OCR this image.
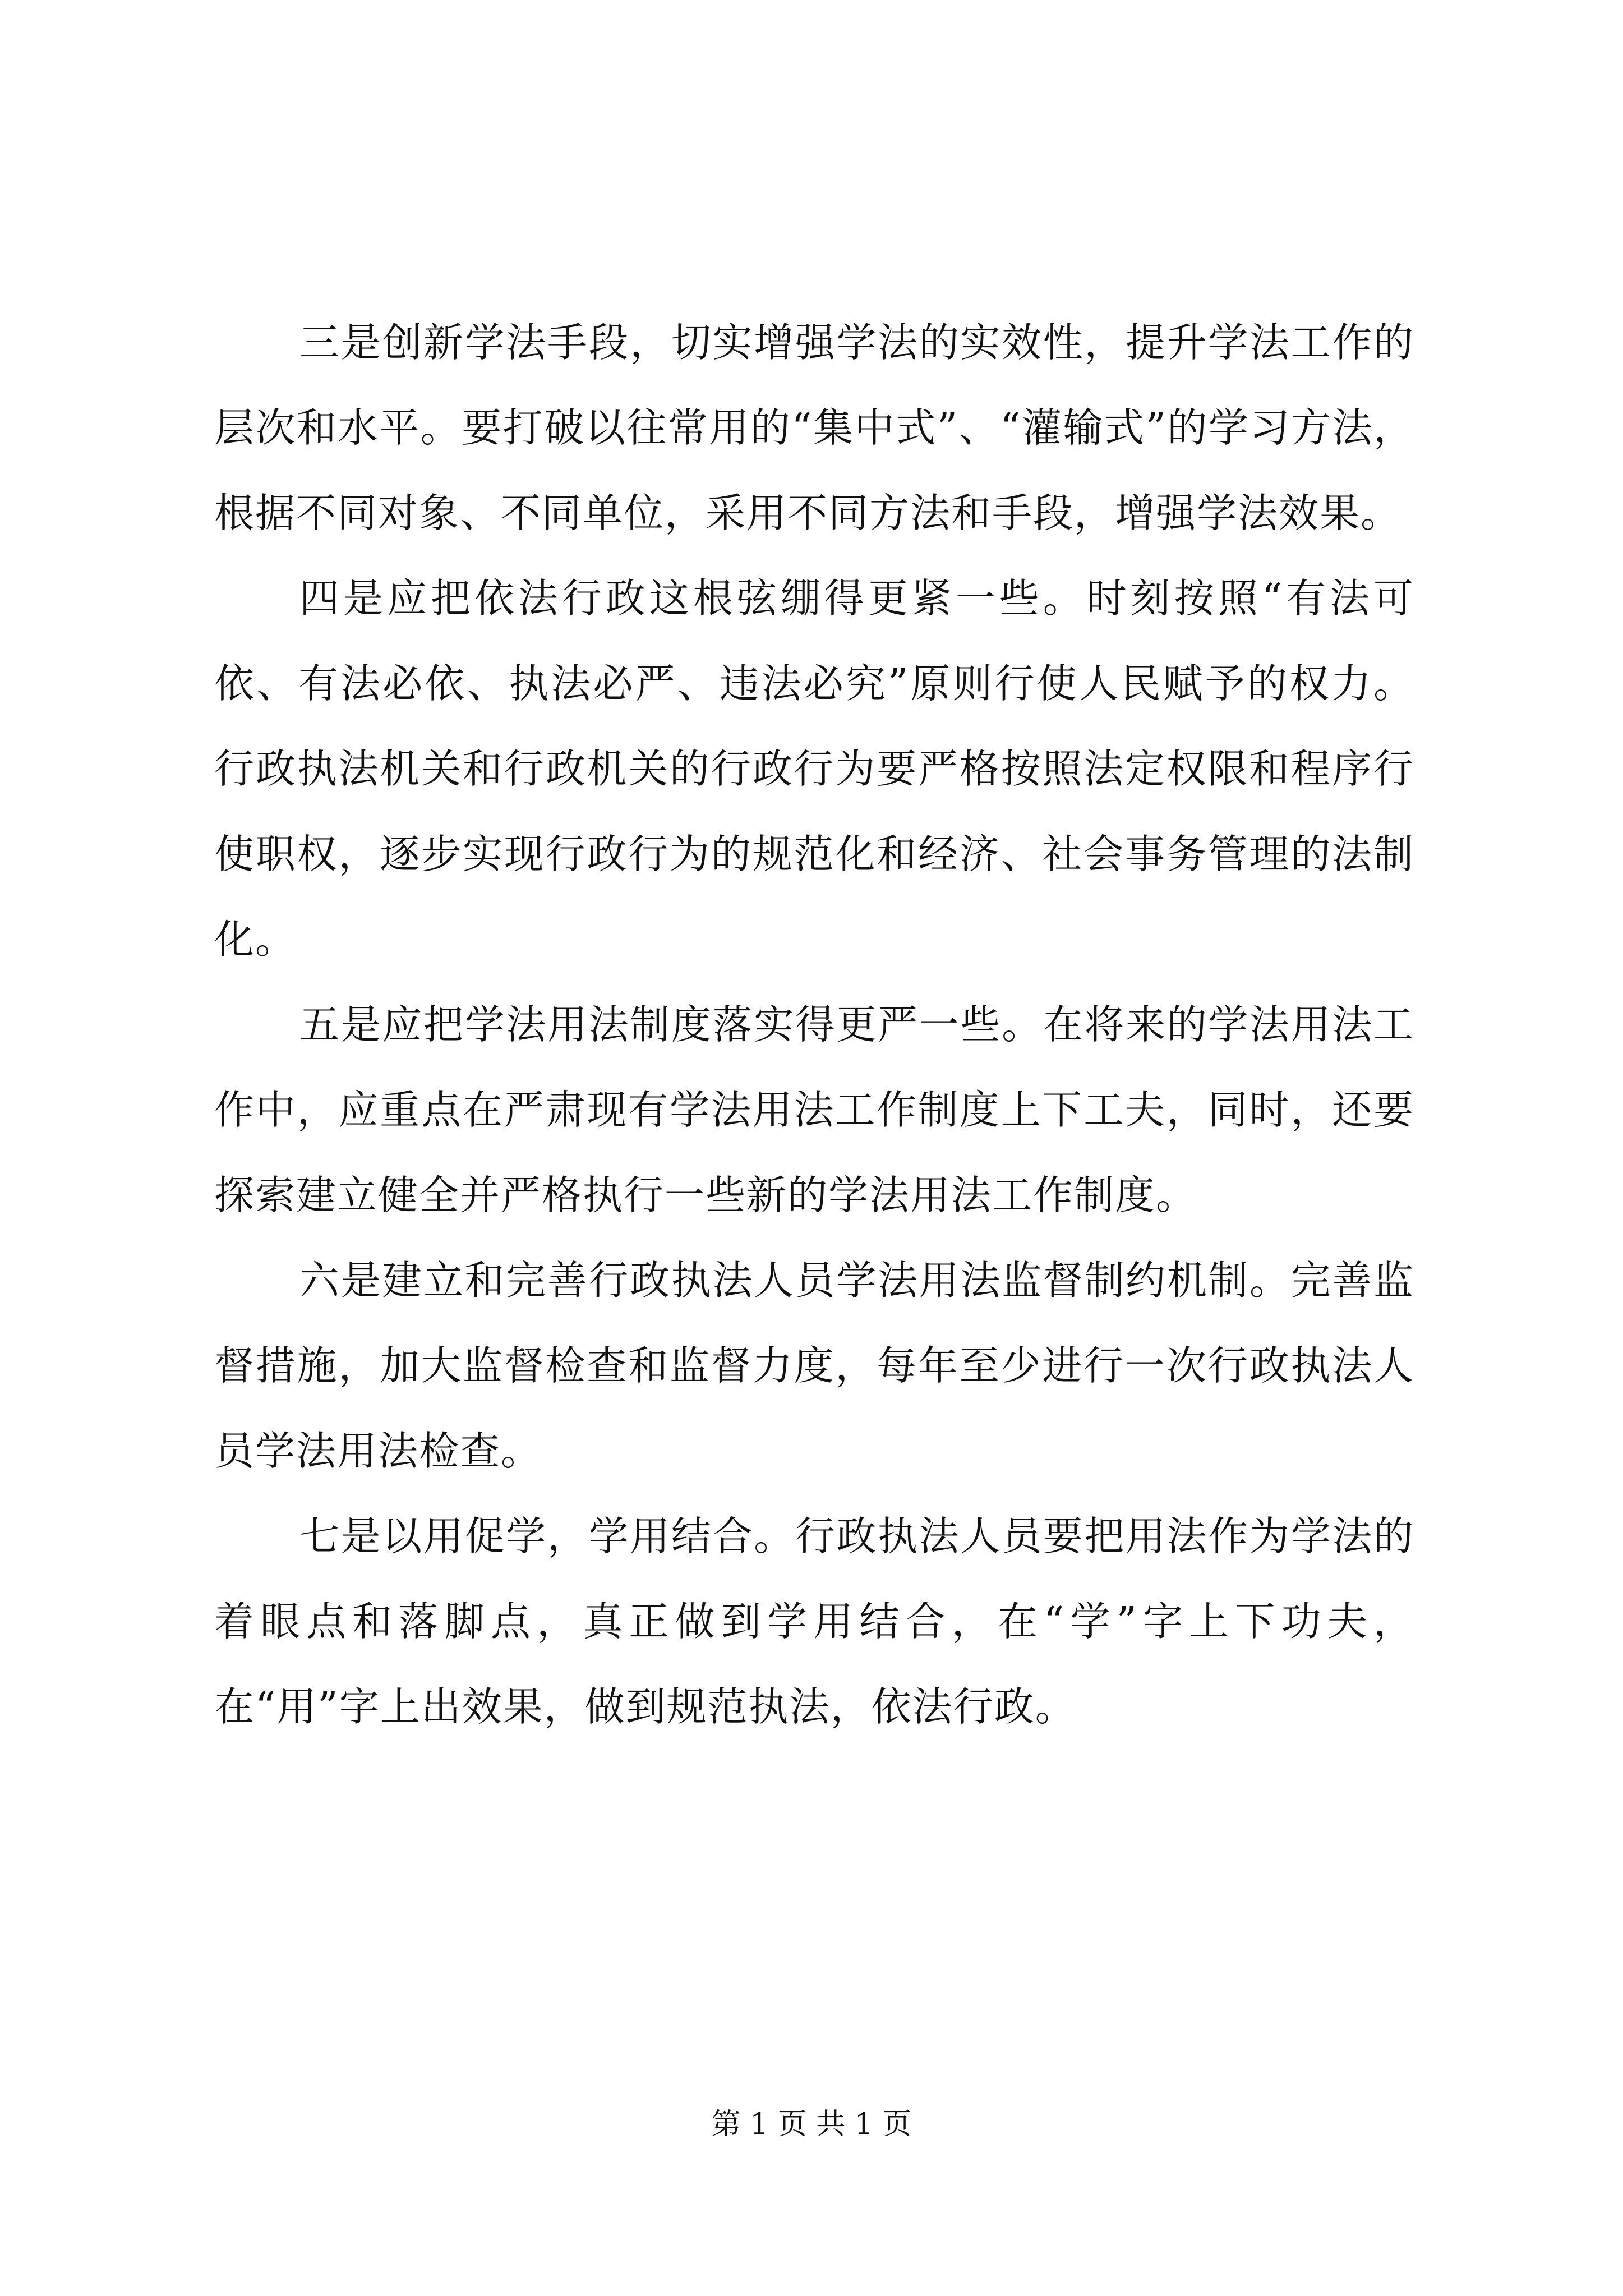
三是创新学法手段，切实增强学法的实效性，提升学法工作的层次和水平。要打破以往常用的“集中式”、“灌输式”的学习方法，根据不同对象、不同单位，采用不同方法和手段，增强学法效果。

四是应把依法行政这根弦绷得更紧一些。时刻按照“有法可依、有法必依、执法必严、违法必究”原则行使人民赋予的权力。行政执法机关和行政机关的行政行为要严格按照法定权限和程序行使职权，逐步实现行政行为的规范化和经济、社会事务管理的法制化。

五是应把学法用法制度落实得更严一些。在将来的学法用法工作中，应重点在严肃现有学法用法工作制度上下工夫，同时，还要探索建立健全并严格执行一些新的学法用法工作制度。

六是建立和完善行政执法人员学法用法监督制约机制。完善监督措施，加大监督检查和监督力度，每年至少进行一次行政执法人员学法用法检查。

七是以用促学，学用结合。行政执法人员要把用法作为学法的着眼点和落脚点，真正做到学用结合，在“学”字上下功夫，在“用”字上出效果，做到规范执法，依法行政。

第 1 页 共 1 页
